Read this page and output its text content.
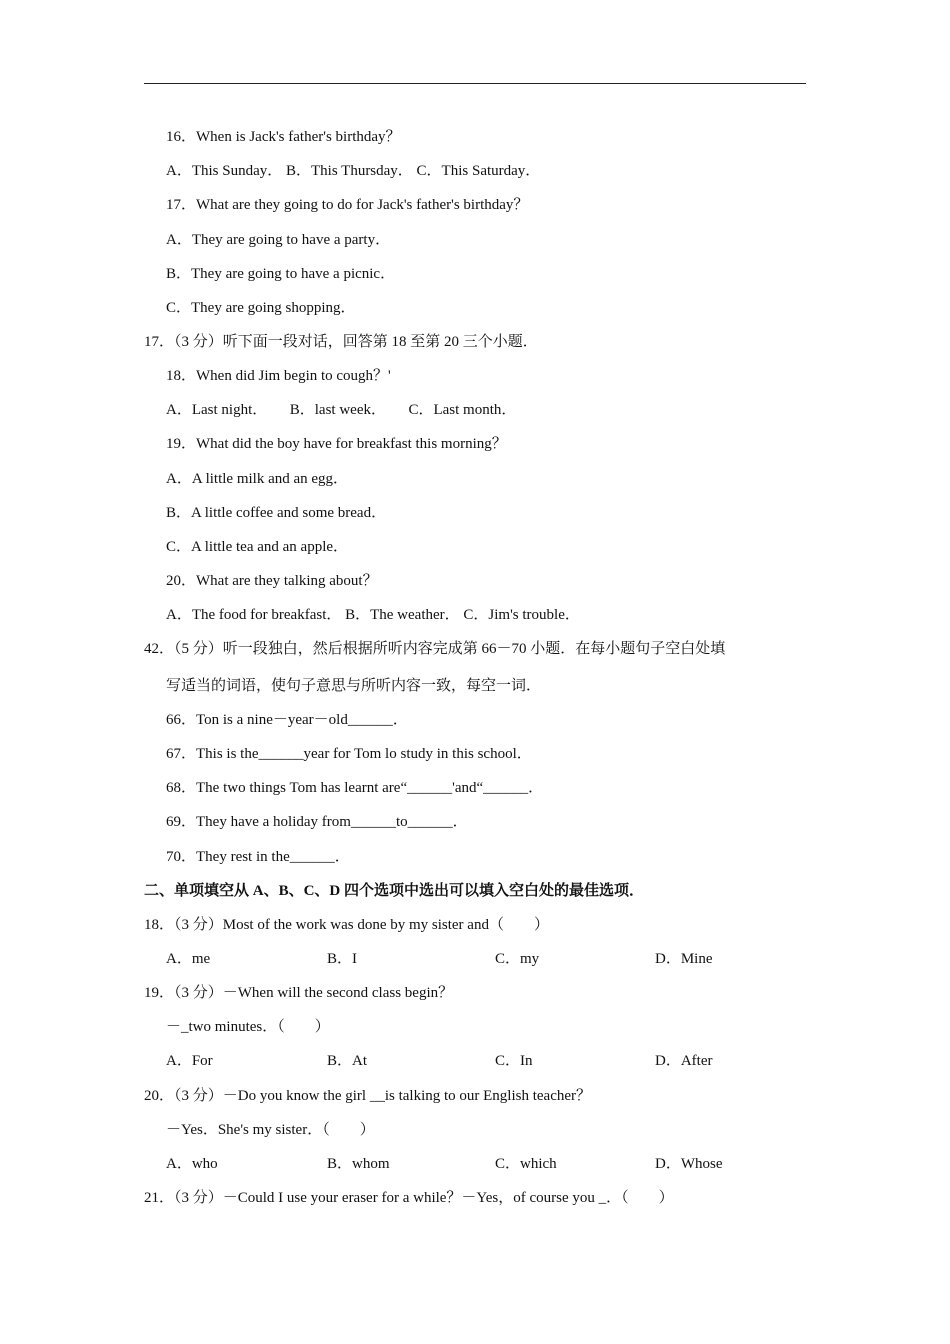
16．When is Jack's father's birthday？
A．This Sunday． B．This Thursday． C．This Saturday．
17．What are they going to do for Jack's father's birthday？
A．They are going to have a party．
B．They are going to have a picnic．
C．They are going shopping．
17．（3 分）听下面一段对话，回答第 18 至第 20 三个小题．
18．When did Jim begin to cough？'
A．Last night．　　B．last week．　　C．Last month．
19．What did the boy have for breakfast this morning？
A．A little milk and an egg．
B．A little coffee and some bread．
C．A little tea and an apple．
20．What are they talking about？
A．The food for breakfast． B．The weather． C．Jim's trouble．
42．（5 分）听一段独白，然后根据所听内容完成第 66－70 小题．在每小题句子空白处填
写适当的词语，使句子意思与所听内容一致，每空一词．
66．Ton is a nine－year－old______．
67．This is the______year for Tom lo study in this school．
68．The two things Tom has learnt are“______'and“______．
69．They have a holiday from______to______．
70．They rest in the______．
二、单项填空从 A、B、C、D 四个选项中选出可以填入空白处的最佳选项．
18．（3 分）Most of the work was done by my sister and（　　）
A．me	B．I	C．my	D．Mine
19．（3 分）－When will the second class begin？
－_two minutes．（　　）
A．For	B．At	C．In	D．After
20．（3 分）－Do you know the girl __is talking to our English teacher？
－Yes．She's my sister．（　　）
A．who	B．whom	C．which	D．Whose
21．（3 分）－Could I use your eraser for a while？－Yes，of course you _．（　　）
